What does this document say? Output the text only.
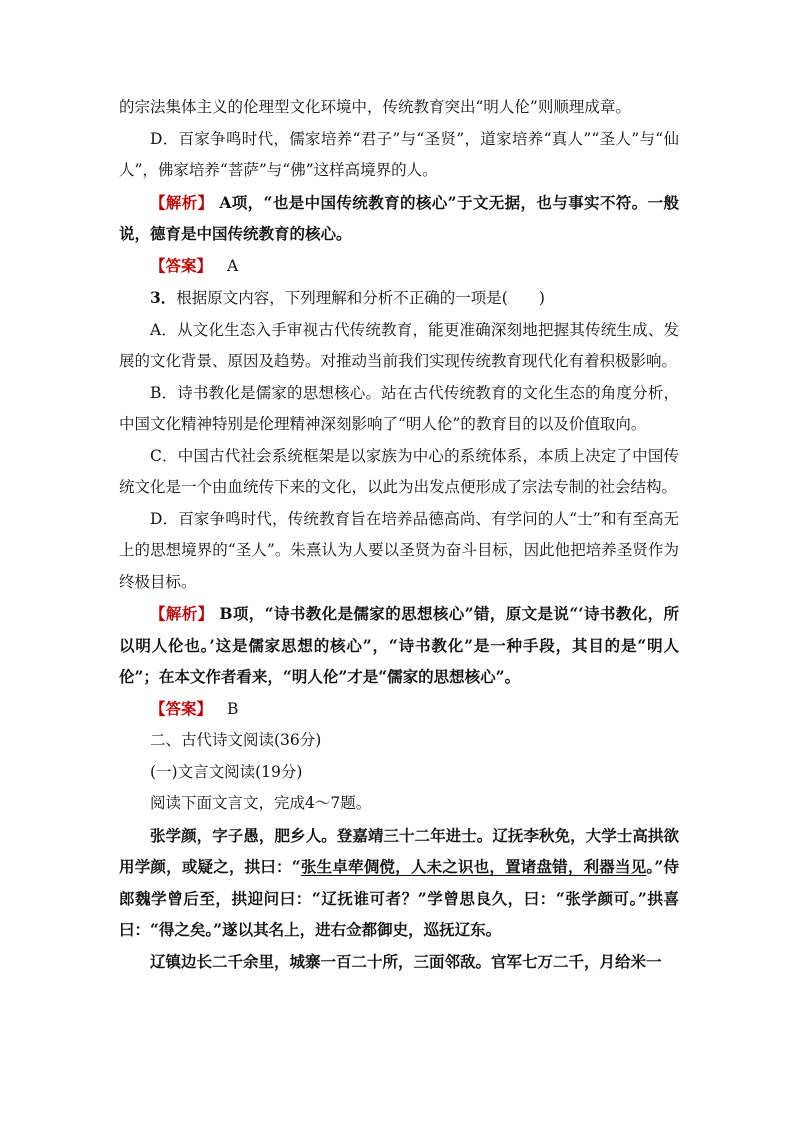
的宗法集体主义的伦理型文化环境中，传统教育突出“明人伦”则顺理成章。

D．百家争鸣时代，儒家培养“君子”与“圣贤”，道家培养“真人”“圣人”与“仙人”，佛家培养“菩萨”与“佛”这样高境界的人。

【解析】 A项，“也是中国传统教育的核心”于文无据，也与事实不符。一般说，德育是中国传统教育的核心。

【答案】 A

3．根据原文内容，下列理解和分析不正确的一项是(　　)

A．从文化生态入手审视古代传统教育，能更准确深刻地把握其传统生成、发展的文化背景、原因及趋势。对推动当前我们实现传统教育现代化有着积极影响。

B．诗书教化是儒家的思想核心。站在古代传统教育的文化生态的角度分析，中国文化精神特别是伦理精神深刻影响了“明人伦”的教育目的以及价值取向。

C．中国古代社会系统框架是以家族为中心的系统体系，本质上决定了中国传统文化是一个由血统传下来的文化，以此为出发点便形成了宗法专制的社会结构。

D．百家争鸣时代，传统教育旨在培养品德高尚、有学问的人“士”和有至高无上的思想境界的“圣人”。朱熹认为人要以圣贤为奋斗目标，因此他把培养圣贤作为终极目标。

【解析】 B项，“诗书教化是儒家的思想核心”错，原文是说“‘诗书教化，所以明人伦也。’这是儒家思想的核心”，“诗书教化”是一种手段，其目的是“明人伦”；在本文作者看来，“明人伦”才是“儒家的思想核心”。

【答案】 B

二、古代诗文阅读(36分)

(一)文言文阅读(19分)

阅读下面文言文，完成4～7题。

张学颜，字子愚，肥乡人。登嘉靖三十二年进士。辽抚李秋免，大学士高拱欲用学颜，或疑之，拱曰：“张生卓荦倜傥，人未之识也，置诸盘错，利器当见。”侍郎魏学曾后至，拱迎问曰：“辽抚谁可者？”学曾思良久，曰：“张学颜可。”拱喜曰：“得之矣。”遂以其名上，进右佥都御史，巡抚辽东。

辽镇边长二千余里，城寨一百二十所，三面邻敌。官军七万二千，月给米一
